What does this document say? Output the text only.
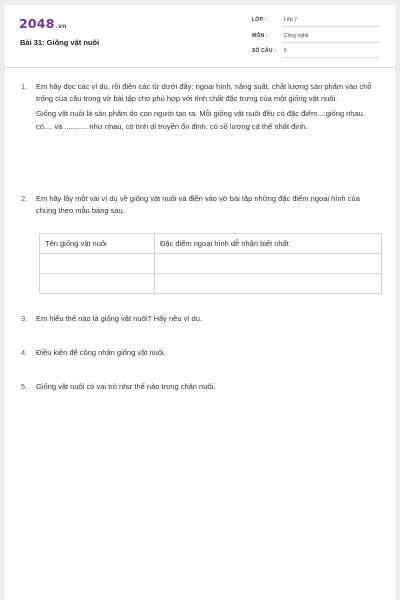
2048.vn
Bài 31: Giống vật nuôi
LỚP :	Lớp 7
MÔN :	Công nghệ
SỐ CÂU :	5
1.	Em hãy đọc các ví dụ, rồi điền các từ dưới đây: ngoại hình, năng suất, chất lượng sản phẩm vào chỗ trống của câu trong vở bài tập cho phù hợp với tính chất đặc trưng của một giống vật nuôi.

Giống vật nuôi là sản phẩm do con người tạo ra. Mỗi giống vật nuôi đều có đặc điểm....giống nhau, có.... và ........... như nhau, có tính di truyền ổn định, có số lượng cá thể nhất định.

2.	Em hãy lấy một vài ví dụ về giống vật nuôi và điền vào vở bài tập những đặc điểm ngoại hình của chúng theo mẫu bảng sau.

Tên giống vật nuôi	Đặc điểm ngoại hình dễ nhận biết nhất

3.	Em hiểu thế nào là giống vật nuôi? Hãy nêu ví dụ.

4.	Điều kiện để công nhận giống vật nuôi.

5.	Giống vật nuôi có vai trò như thế nào trong chăn nuôi.
